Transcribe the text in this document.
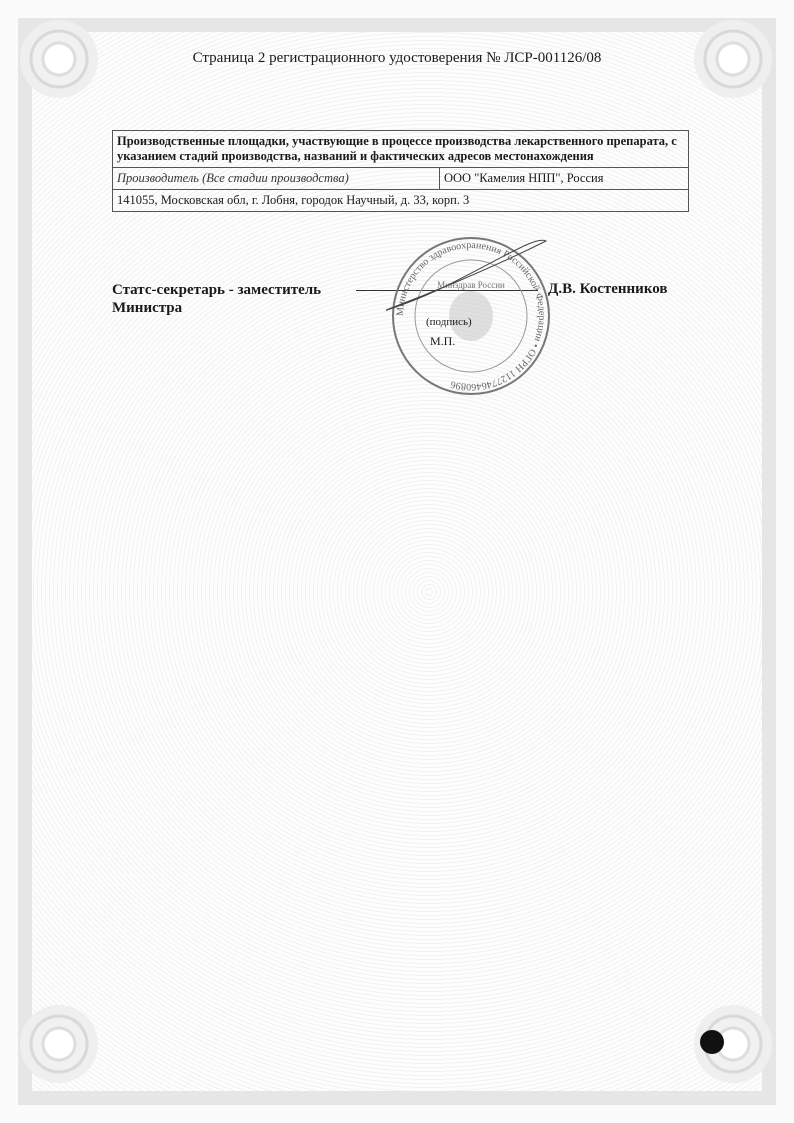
Страница 2 регистрационного удостоверения № ЛСР-001126/08
Производственные площадки, участвующие в процессе производства лекарственного препарата, с указанием стадий производства, названий и фактических адресов местонахождения
Производитель (Все стадии производства)	ООО "Камелия НПП", Россия
141055, Московская обл, г. Лобня, городок Научный, д. 33, корп. 3
Статс-секретарь - заместитель
Министра
Д.В. Костенников
Министерство здравоохранения Российской Федерации • ОГРН 1127746460896
Минздрав России
(подпись)
М.П.
